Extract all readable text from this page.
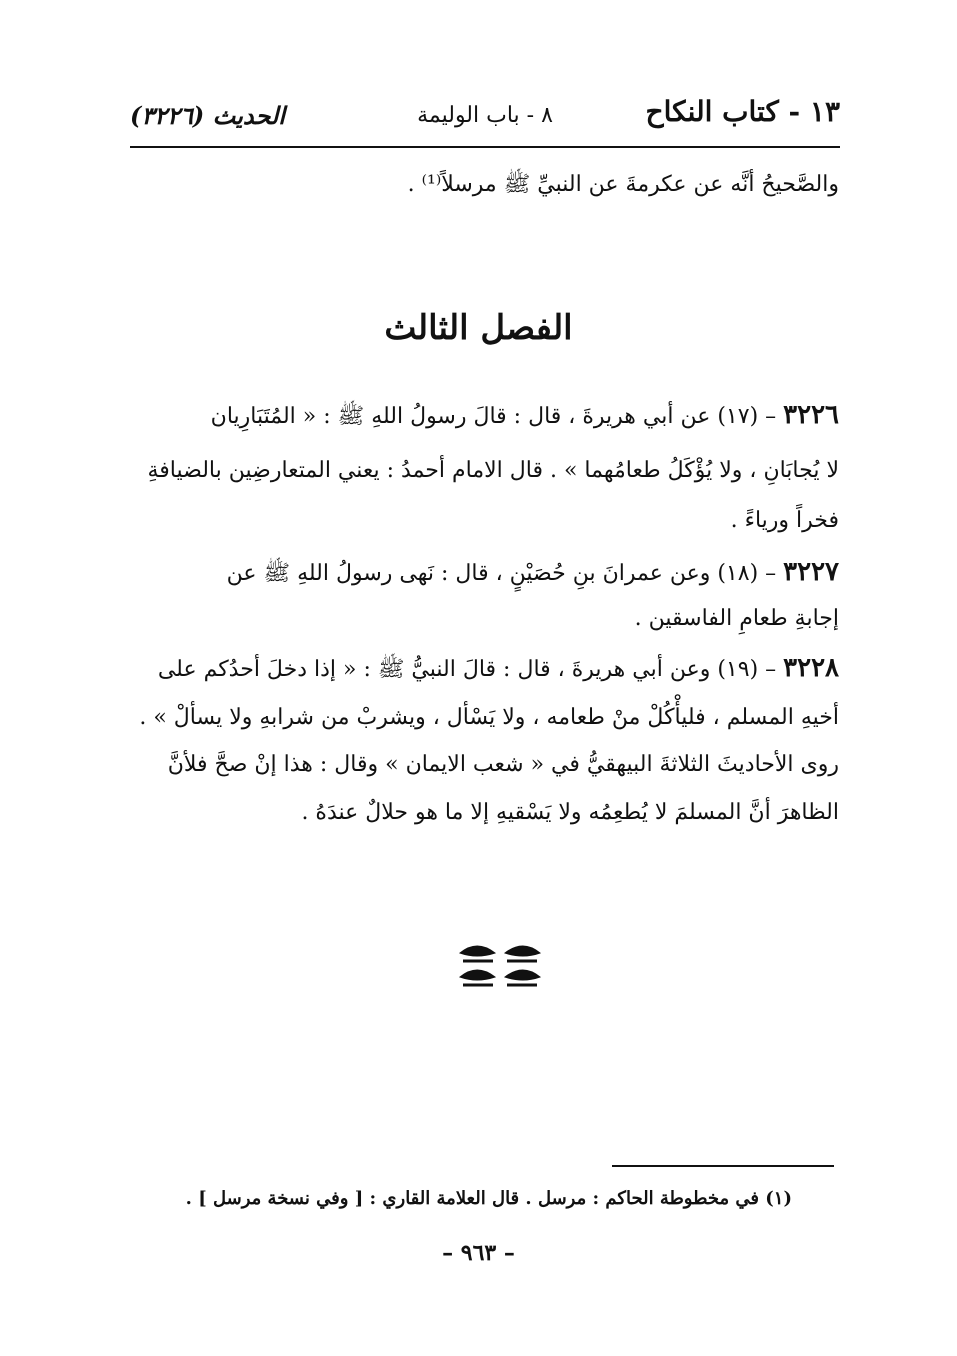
١٣ - كتاب النكاح
٨ - باب الوليمة
الحديث (٣٢٢٦)
والصَّحيحُ أنَّه عن عكرمةَ عن النبيِّ ﷺ مرسلاً⁽¹⁾ .
الفصل الثالث
٣٢٢٦ – (١٧) عن أبي هريرةَ ، قال : قالَ رسولُ اللهِ ﷺ : « المُتَبَارِيان
لا يُجابَانِ ، ولا يُؤْكَلُ طعامُهما » . قال الامام أحمدُ : يعني المتعارضِين بالضيافةِ
فخراً ورياءً .
٣٢٢٧ – (١٨) وعن عمرانَ بنِ حُصَيْنٍ ، قال : نَهى رسولُ اللهِ ﷺ عن
إجابةِ طعامِ الفاسقين .
٣٢٢٨ – (١٩) وعن أبي هريرةَ ، قال : قالَ النبيُّ ﷺ : « إذا دخلَ أحدُكم على
أخيهِ المسلم ، فليأْكُلْ منْ طعامه ، ولا يَسْأل ، ويشربْ من شرابهِ ولا يسألْ » .
روى الأحاديثَ الثلاثةَ البيهقيُّ في « شعب الايمان » وقال : هذا إنْ صحَّ فلأنَّ
الظاهرَ أنَّ المسلمَ لا يُطعِمُه ولا يَسْقيهِ إلا ما هو حلالٌ عندَهُ .
(١) في مخطوطة الحاكم : مرسل . قال العلامة القاري : [ وفي نسخة مرسل ] .
– ٩٦٣ –
